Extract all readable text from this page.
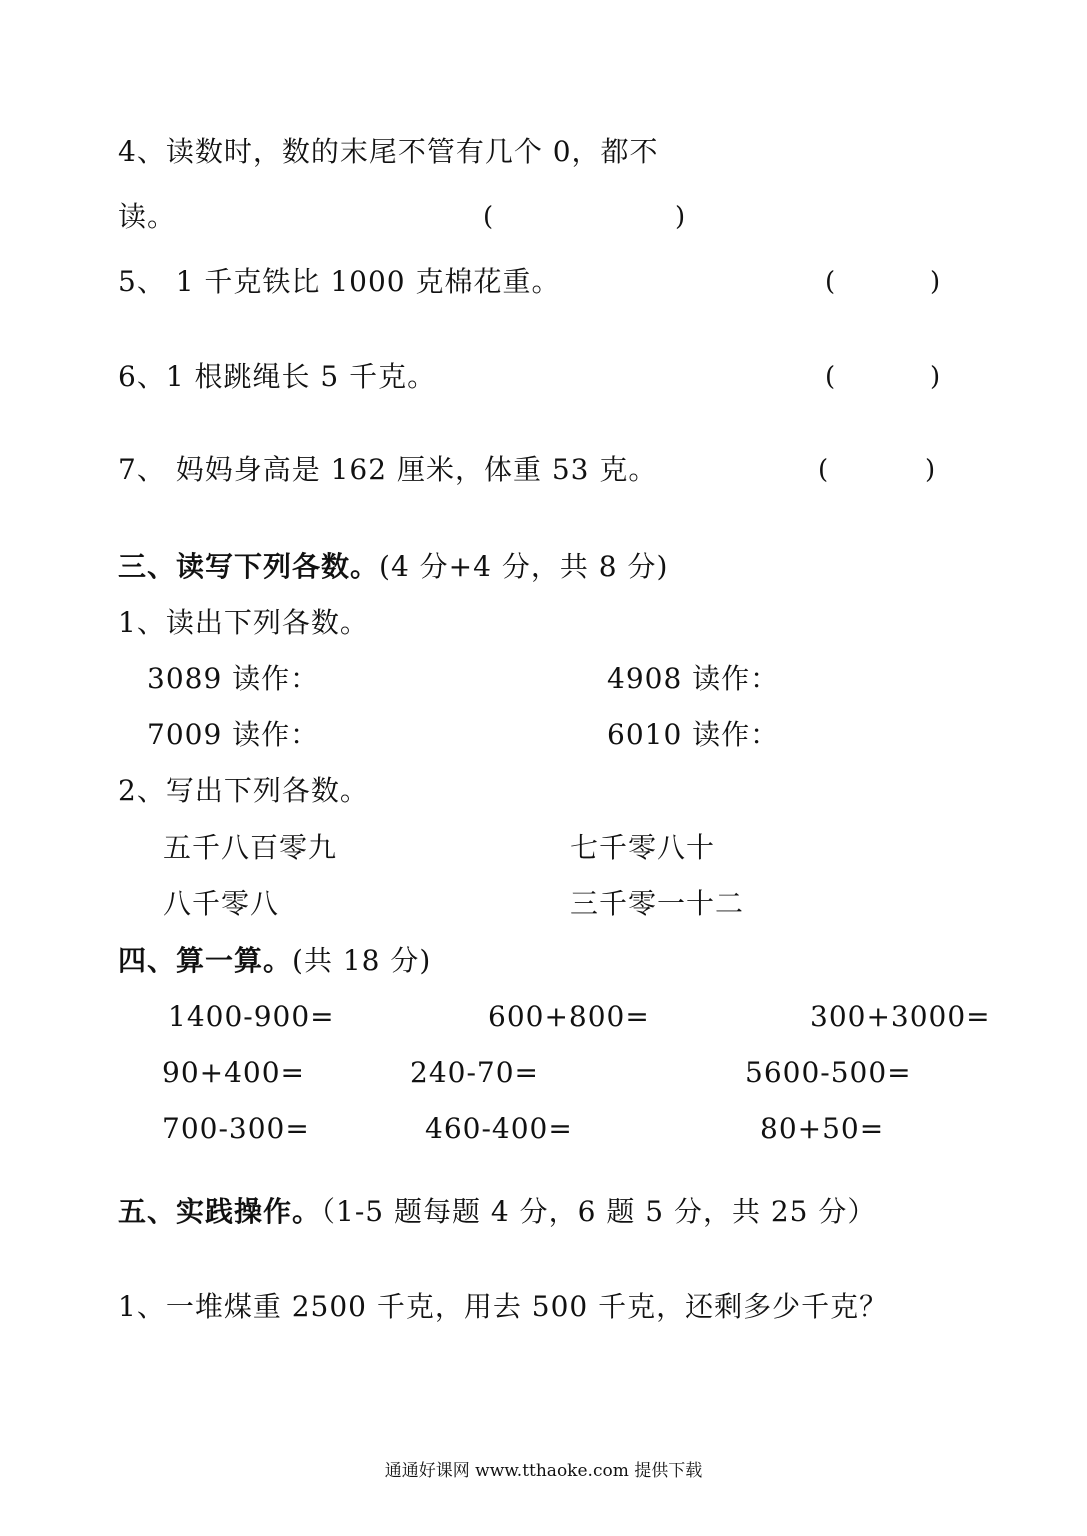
4、读数时，数的末尾不管有几个 0，都不
读。	(	)
5、 1 千克铁比 1000 克棉花重。	(	)
6、1 根跳绳长 5 千克。	(	)
7、 妈妈身高是 162 厘米，体重 53 克。	(	)
三、读写下列各数。(4 分+4 分，共 8 分)
1、读出下列各数。
3089 读作：	4908 读作：
7009 读作：	6010 读作：
2、写出下列各数。
五千八百零九	七千零八十
八千零八	三千零一十二
四、算一算。(共 18 分)
1400-900=	600+800=	300+3000=
90+400=	240-70=	5600-500=
700-300=	460-400=	80+50=
五、实践操作。（1-5 题每题 4 分，6 题 5 分，共 25 分）
1、一堆煤重 2500 千克，用去 500 千克，还剩多少千克？
通通好课网 www.tthaoke.com 提供下载
